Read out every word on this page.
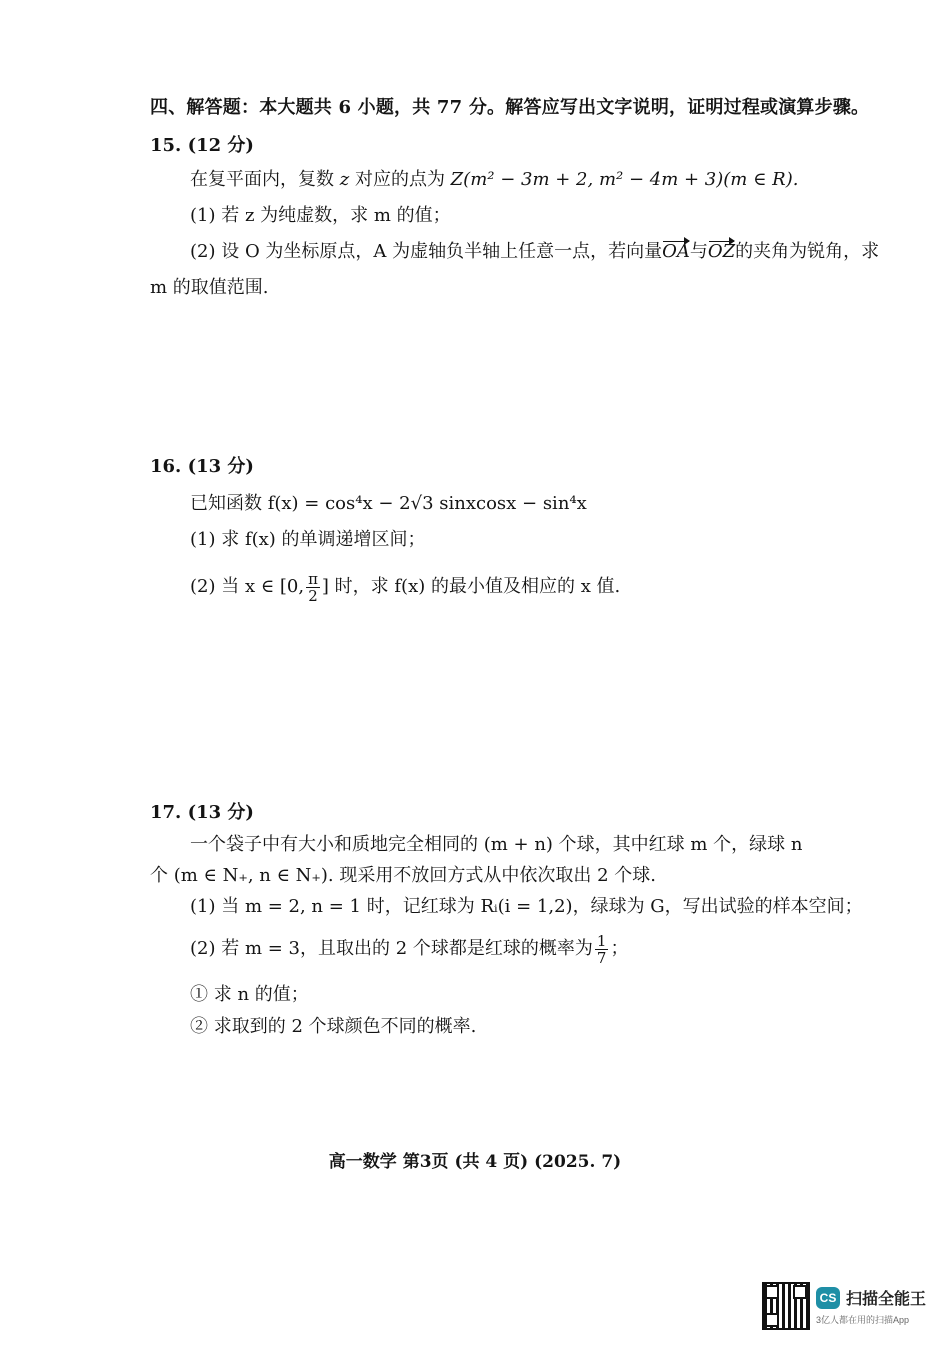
四、解答题：本大题共 6 小题，共 77 分。解答应写出文字说明，证明过程或演算步骤。
15. (12 分)
在复平面内，复数 z 对应的点为 Z(m² − 3m + 2, m² − 4m + 3)(m ∈ R).
(1) 若 z 为纯虚数，求 m 的值；
(2) 设 O 为坐标原点，A 为虚轴负半轴上任意一点，若向量OA与OZ的夹角为锐角，求
m 的取值范围.
16. (13 分)
已知函数 f(x) = cos⁴x − 2√3 sinxcosx − sin⁴x
(1) 求 f(x) 的单调递增区间；
(2) 当 x ∈ [0, $\frac{\pi}{2}$ ] 时，求 f(x) 的最小值及相应的 x 值.
17. (13 分)
一个袋子中有大小和质地完全相同的 (m + n) 个球，其中红球 m 个，绿球 n
个 (m ∈ N₊, n ∈ N₊). 现采用不放回方式从中依次取出 2 个球.
(1) 当 m = 2, n = 1 时，记红球为 Rᵢ(i = 1,2)，绿球为 G，写出试验的样本空间；
(2) 若 m = 3，且取出的 2 个球都是红球的概率为 $\frac{1}{7}$ ；
① 求 n 的值；
② 求取到的 2 个球颜色不同的概率.
高一数学 第3页 (共 4 页) (2025. 7)
CS 扫描全能王
3亿人都在用的扫描App
